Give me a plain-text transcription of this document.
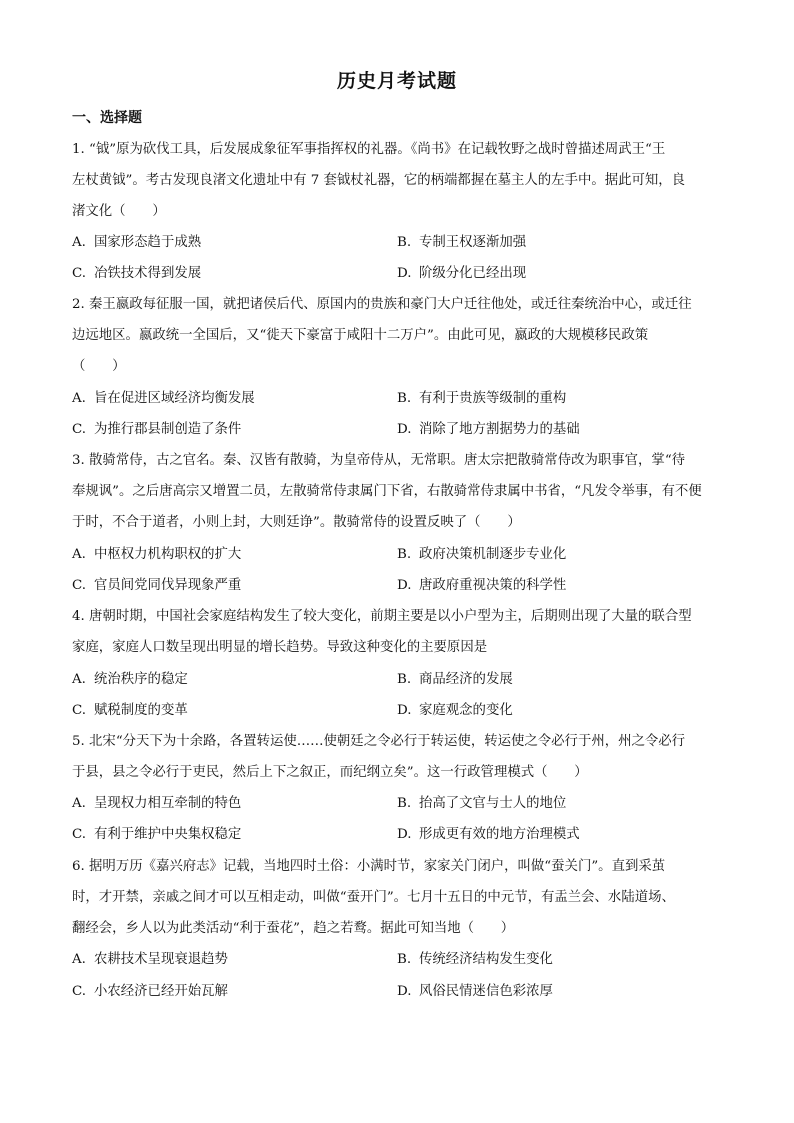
历史月考试题
一、选择题
1. “钺”原为砍伐工具，后发展成象征军事指挥权的礼器。《尚书》在记载牧野之战时曾描述周武王“王
左杖黄钺”。考古发现良渚文化遗址中有 7 套钺杖礼器，它的柄端都握在墓主人的左手中。据此可知，良
渚文化（　　）
A. 国家形态趋于成熟	B. 专制王权逐渐加强
C. 冶铁技术得到发展	D. 阶级分化已经出现
2. 秦王嬴政每征服一国，就把诸侯后代、原国内的贵族和豪门大户迁往他处，或迁往秦统治中心，或迁往
边远地区。嬴政统一全国后，又“徙天下豪富于咸阳十二万户”。由此可见，嬴政的大规模移民政策
（　　）
A. 旨在促进区域经济均衡发展	B. 有利于贵族等级制的重构
C. 为推行郡县制创造了条件	D. 消除了地方割据势力的基础
3. 散骑常侍，古之官名。秦、汉皆有散骑，为皇帝侍从，无常职。唐太宗把散骑常侍改为职事官，掌“待
奉规讽”。之后唐高宗又增置二员，左散骑常侍隶属门下省，右散骑常侍隶属中书省，“凡发令举事，有不便
于时，不合于道者，小则上封，大则廷诤”。散骑常侍的设置反映了（　　）
A. 中枢权力机构职权的扩大	B. 政府决策机制逐步专业化
C. 官员间党同伐异现象严重	D. 唐政府重视决策的科学性
4. 唐朝时期，中国社会家庭结构发生了较大变化，前期主要是以小户型为主，后期则出现了大量的联合型
家庭，家庭人口数呈现出明显的增长趋势。导致这种变化的主要原因是
A. 统治秩序的稳定	B. 商品经济的发展
C. 赋税制度的变革	D. 家庭观念的变化
5. 北宋“分天下为十余路，各置转运使……使朝廷之令必行于转运使，转运使之令必行于州，州之令必行
于县，县之令必行于吏民，然后上下之叙正，而纪纲立矣”。这一行政管理模式（　　）
A. 呈现权力相互牵制的特色	B. 抬高了文官与士人的地位
C. 有利于维护中央集权稳定	D. 形成更有效的地方治理模式
6. 据明万历《嘉兴府志》记载，当地四时土俗：小满时节，家家关门闭户，叫做“蚕关门”。直到采茧
时，才开禁，亲戚之间才可以互相走动，叫做“蚕开门”。七月十五日的中元节，有盂兰会、水陆道场、
翻经会，乡人以为此类活动“利于蚕花”，趋之若鹜。据此可知当地（　　）
A. 农耕技术呈现衰退趋势	B. 传统经济结构发生变化
C. 小农经济已经开始瓦解	D. 风俗民情迷信色彩浓厚
